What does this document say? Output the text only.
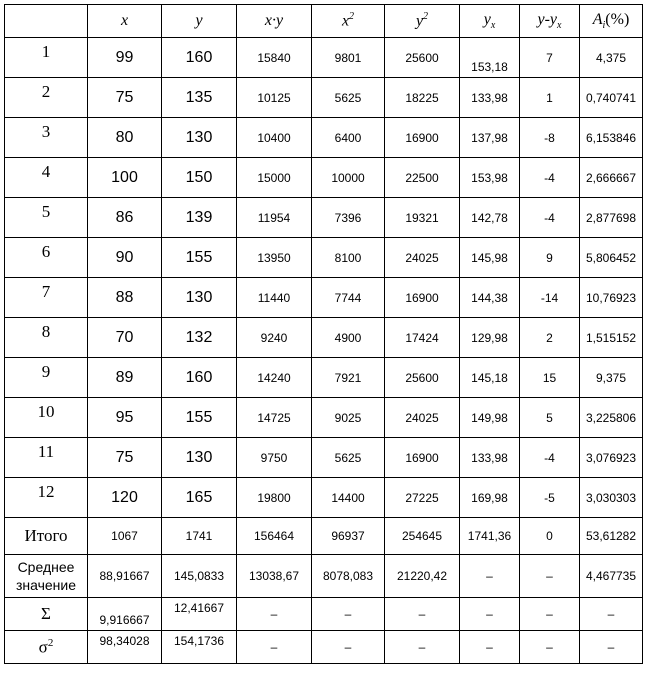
	x	y	x·y	$x^2$	$y^2$	$y_x$	$y-y_x$	$A_i(\%)$
1	99	160	15840	9801	25600	153,18	7	4,375
2	75	135	10125	5625	18225	133,98	1	0,740741
3	80	130	10400	6400	16900	137,98	-8	6,153846
4	100	150	15000	10000	22500	153,98	-4	2,666667
5	86	139	11954	7396	19321	142,78	-4	2,877698
6	90	155	13950	8100	24025	145,98	9	5,806452
7	88	130	11440	7744	16900	144,38	-14	10,76923
8	70	132	9240	4900	17424	129,98	2	1,515152
9	89	160	14240	7921	25600	145,18	15	9,375
10	95	155	14725	9025	24025	149,98	5	3,225806
11	75	130	9750	5625	16900	133,98	-4	3,076923
12	120	165	19800	14400	27225	169,98	-5	3,030303
Итого	1067	1741	156464	96937	254645	1741,36	0	53,61282
Среднее
значение	88,91667	145,0833	13038,67	8078,083	21220,42	–	–	4,467735
Σ	9,916667	12,41667	–	–	–	–	–	–
$\sigma^2$	98,34028	154,1736	–	–	–	–	–	–
